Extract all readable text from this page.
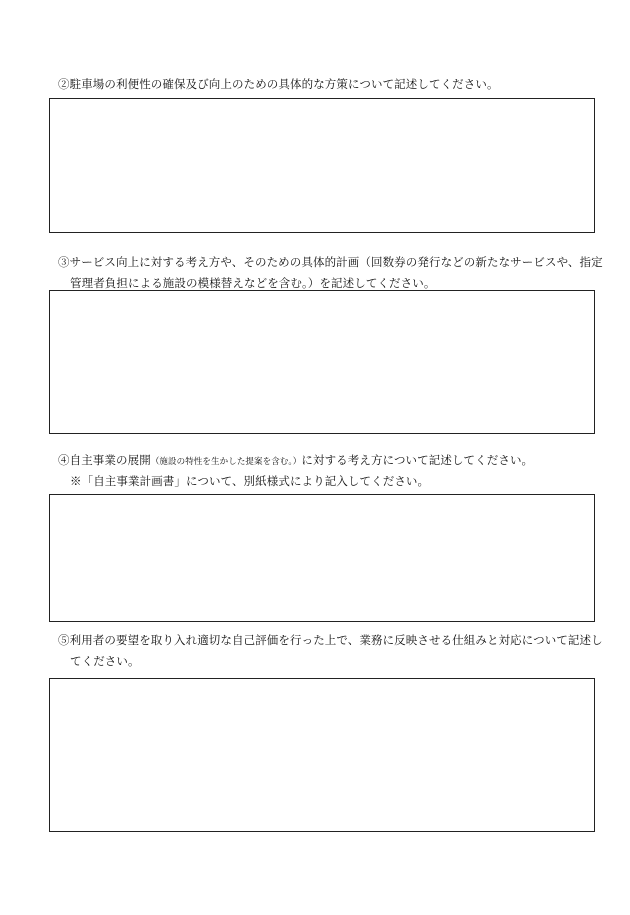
②駐車場の利便性の確保及び向上のための具体的な方策について記述してください。
③サービス向上に対する考え方や、そのための具体的計画（回数券の発行などの新たなサービスや、指定
管理者負担による施設の模様替えなどを含む。）を記述してください。
④自主事業の展開（施設の特性を生かした提案を含む。）に対する考え方について記述してください。
※「自主事業計画書」について、別紙様式により記入してください。
⑤利用者の要望を取り入れ適切な自己評価を行った上で、業務に反映させる仕組みと対応について記述し
てください。
